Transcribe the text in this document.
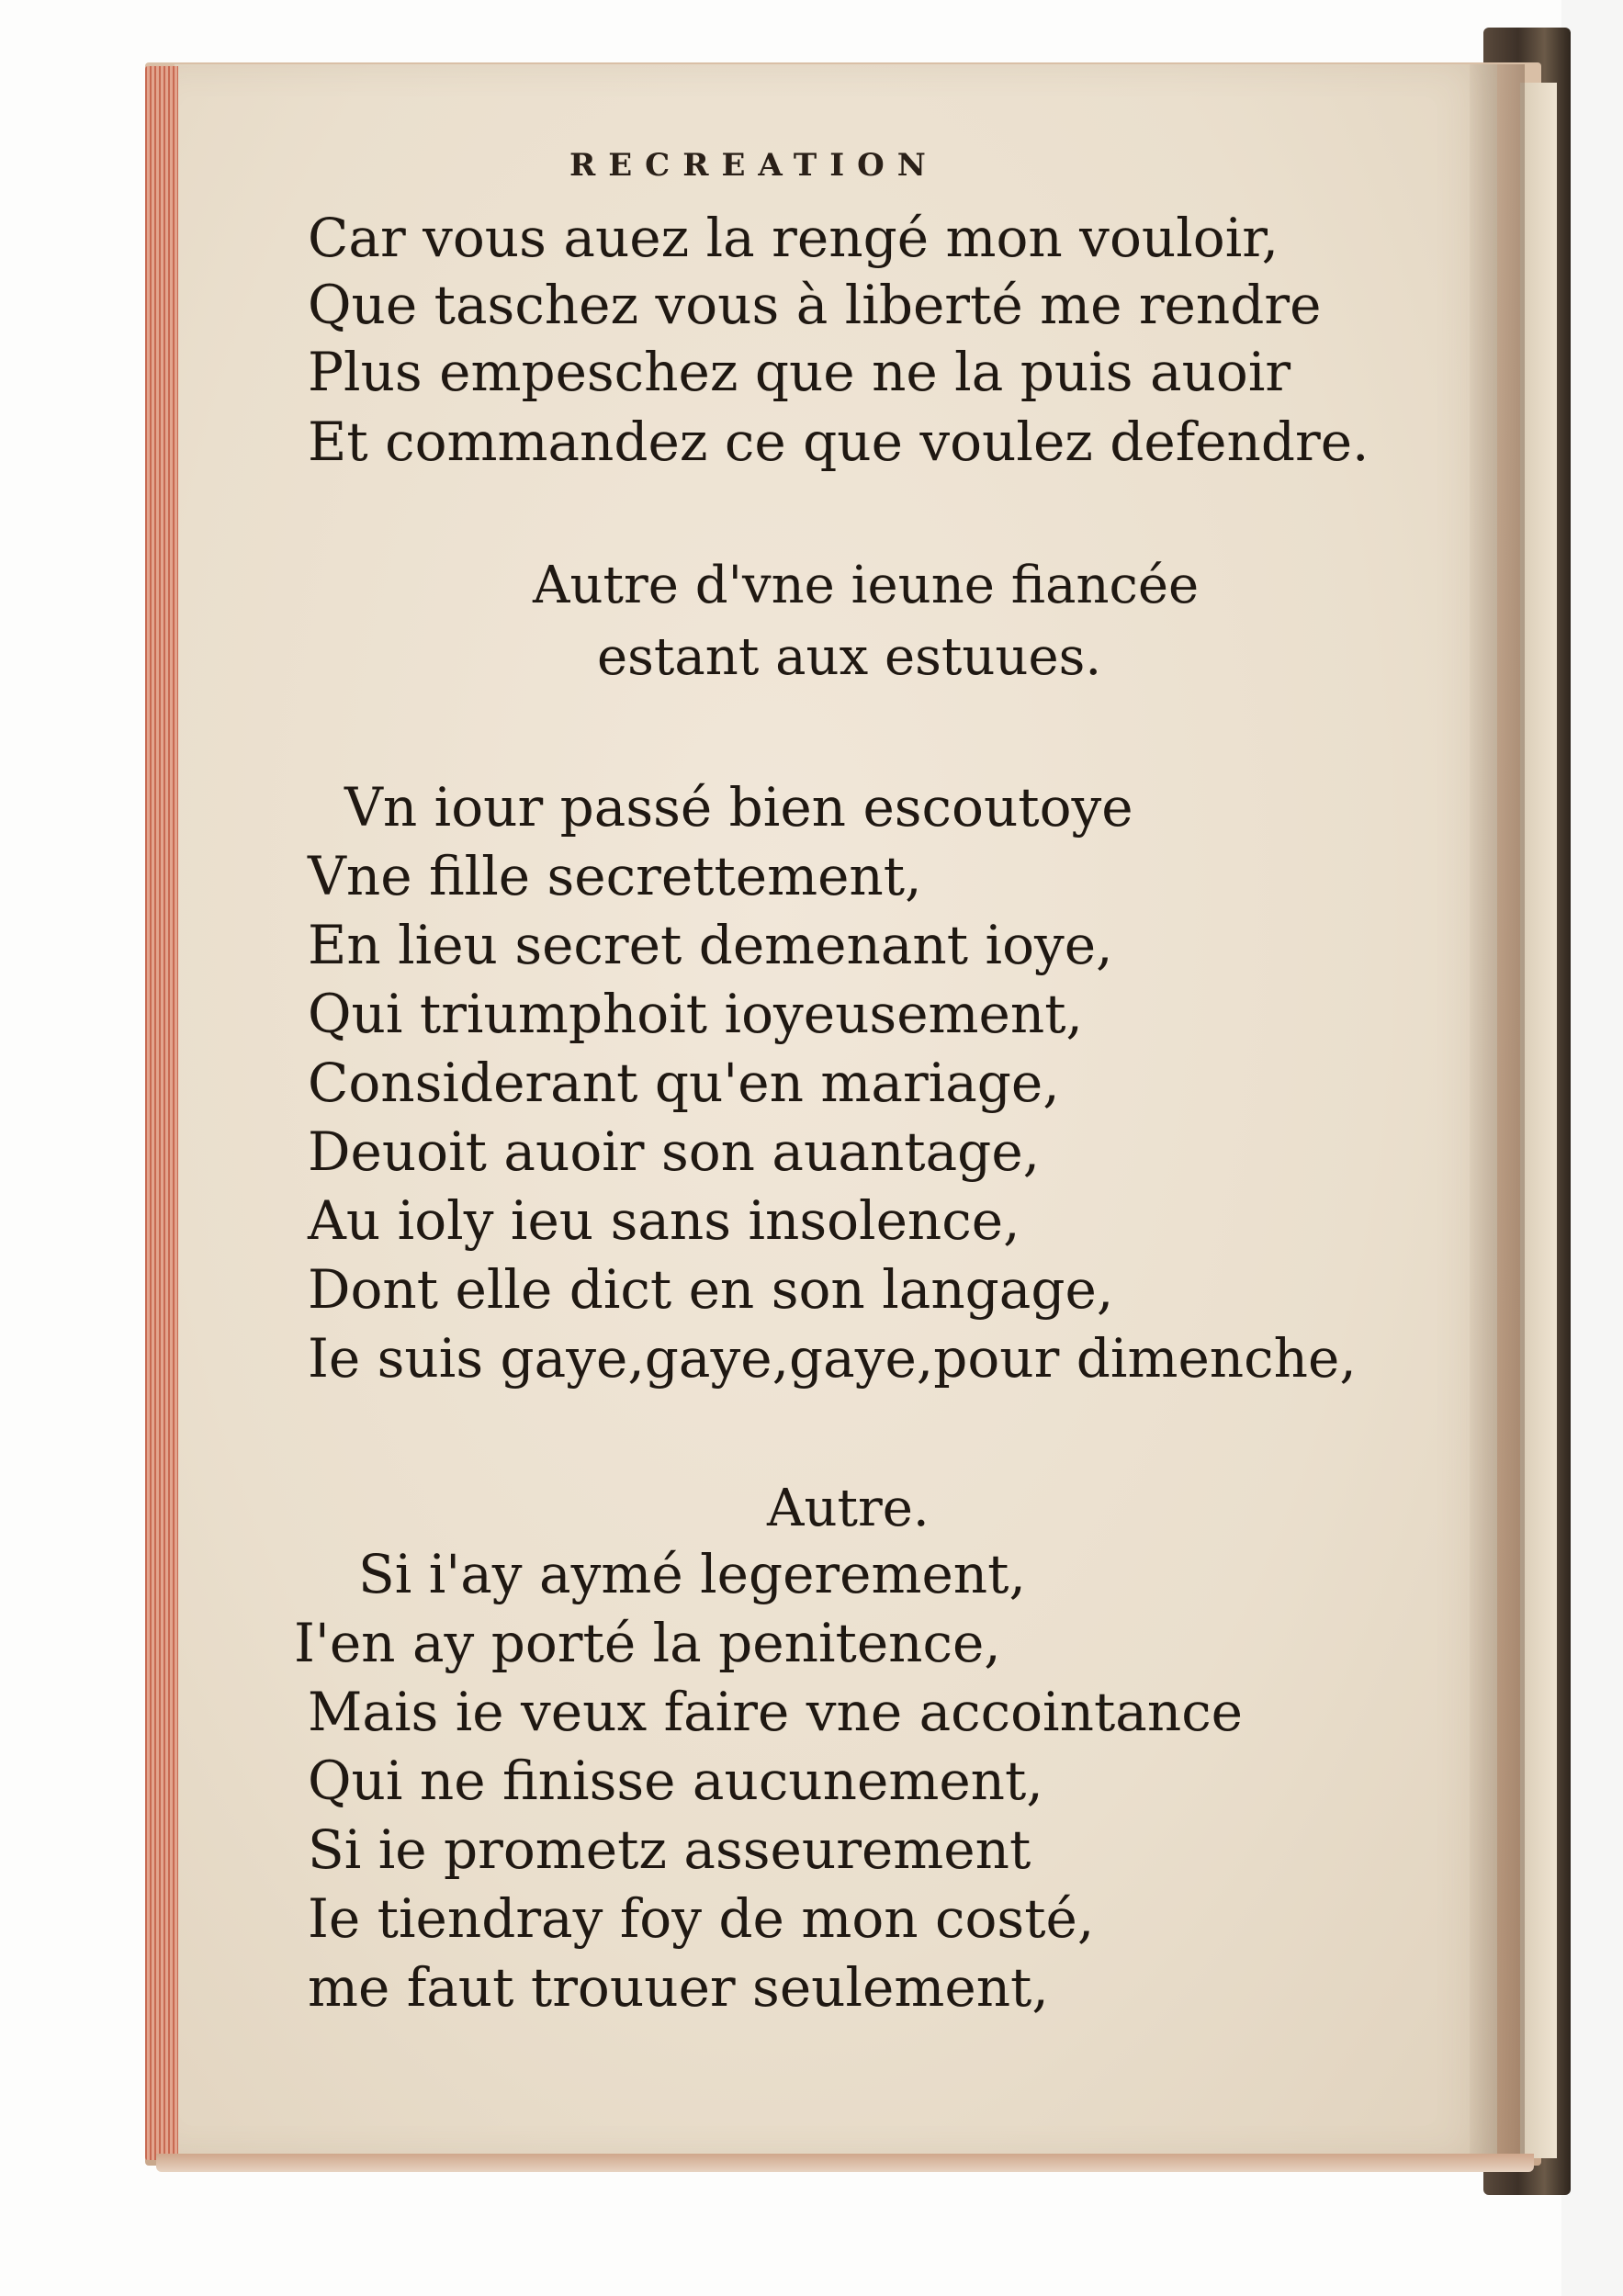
RECREATION
Car vous auez la rengé mon vouloir,
Que taschez vous à liberté me rendre
Plus empeschez que ne la puis auoir
Et commandez ce que voulez defendre.
Autre d'vne ieune fiancée
estant aux estuues.
Vn iour passé bien escoutoye
Vne fille secrettement,
En lieu secret demenant ioye,
Qui triumphoit ioyeusement,
Considerant qu'en mariage,
Deuoit auoir son auantage,
Au ioly ieu sans insolence,
Dont elle dict en son langage,
Ie suis gaye,gaye,gaye,pour dimenche,
Autre.
Si i'ay aymé legerement,
I'en ay porté la penitence,
Mais ie veux faire vne accointance
Qui ne finisse aucunement,
Si ie prometz asseurement
Ie tiendray foy de mon costé,
me faut trouuer seulement,
